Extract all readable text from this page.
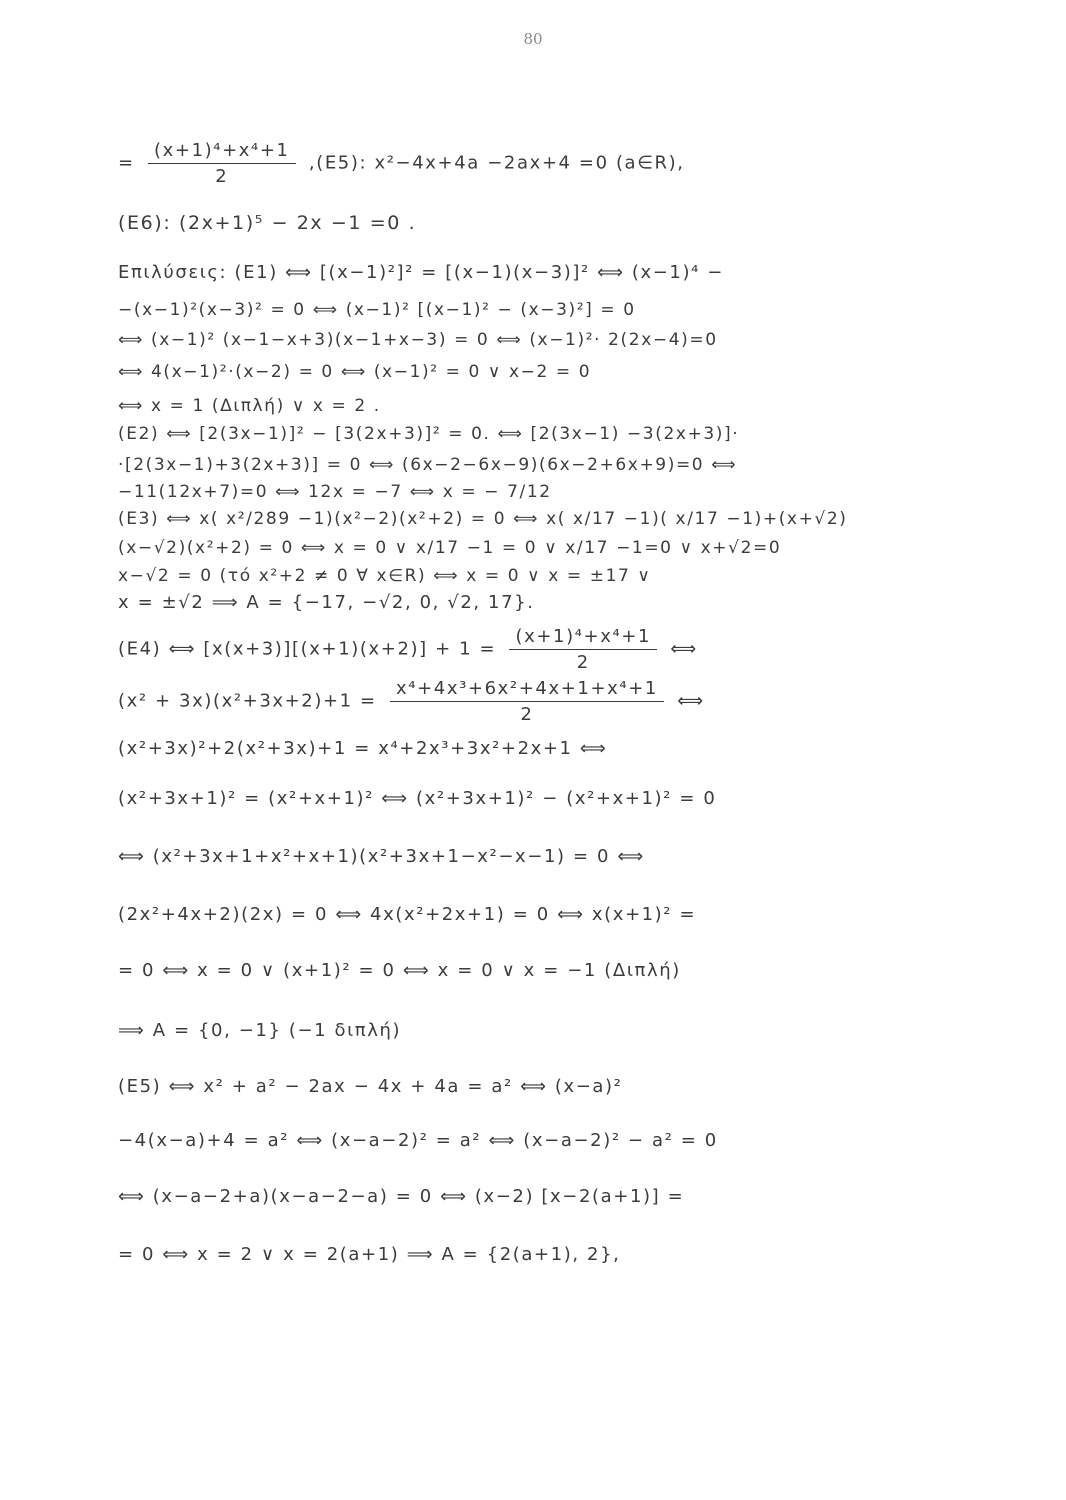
80
= $\frac{\text{(x+1)⁴+x⁴+1}}{2} ,(E5)$: x²−4x+4a −2ax+4 =0 (a∈R),
(E6): (2x+1)⁵ − 2x −1 =0 .
Επιλύσεις: (E1) ⟺ [(x−1)²]² = [(x−1)(x−3)]² ⟺ (x−1)⁴ −
−(x−1)²(x−3)² = 0 ⟺ (x−1)² [(x−1)² − (x−3)²] = 0
⟺ (x−1)² (x−1−x+3)(x−1+x−3) = 0 ⟺ (x−1)²· 2(2x−4)=0
⟺ 4(x−1)²·(x−2) = 0 ⟺ (x−1)² = 0 ∨ x−2 = 0
⟺ x = 1 (Διπλή) ∨ x = 2 .
(E2) ⟺ [2(3x−1)]² − [3(2x+3)]² = 0. ⟺ [2(3x−1) −3(2x+3)]·
·[2(3x−1)+3(2x+3)] = 0 ⟺ (6x−2−6x−9)(6x−2+6x+9)=0 ⟺
−11(12x+7)=0 ⟺ 12x = −7 ⟺ x = − 7/12
(E3) ⟺ x( x²/289 −1)(x²−2)(x²+2) = 0 ⟺ x( x/17 −1)( x/17 −1)+(x+√2)
(x−√2)(x²+2) = 0 ⟺ x = 0 ∨ x/17 −1 = 0 ∨ x/17 −1=0 ∨ x+√2=0
x−√2 = 0 (τό x²+2 ≠ 0 ∀ x∈R) ⟺ x = 0 ∨ x = ±17 ∨
x = ±√2 ⟹ A = {−17, −√2, 0, √2, 17}.
(E4) ⟺ $[x(x+3)][(x+1)(x+2)] + 1 = \frac{\text{(x+1)⁴+x⁴+1}}{2}$ ⟺
$(x^2 + 3x)(x^2+3x+2)+1 = \frac{\text{x⁴+4x³+6x²+4x+1+x⁴+1}}{2}$ ⟺
(x²+3x)²+2(x²+3x)+1 = x⁴+2x³+3x²+2x+1 ⟺
(x²+3x+1)² = (x²+x+1)² ⟺ (x²+3x+1)² − (x²+x+1)² = 0
⟺ (x²+3x+1+x²+x+1)(x²+3x+1−x²−x−1) = 0 ⟺
(2x²+4x+2)(2x) = 0 ⟺ 4x(x²+2x+1) = 0 ⟺ x(x+1)² =
= 0 ⟺ x = 0 ∨ (x+1)² = 0 ⟺ x = 0 ∨ x = −1 (Διπλή)
⟹ A = {0, −1} (−1 διπλή)
(E5) ⟺ x² + a² − 2ax − 4x + 4a = a² ⟺ (x−a)²
−4(x−a)+4 = a² ⟺ (x−a−2)² = a² ⟺ (x−a−2)² − a² = 0
⟺ (x−a−2+a)(x−a−2−a) = 0 ⟺ (x−2) [x−2(a+1)] =
= 0 ⟺ x = 2 ∨ x = 2(a+1) ⟹ A = {2(a+1), 2},
